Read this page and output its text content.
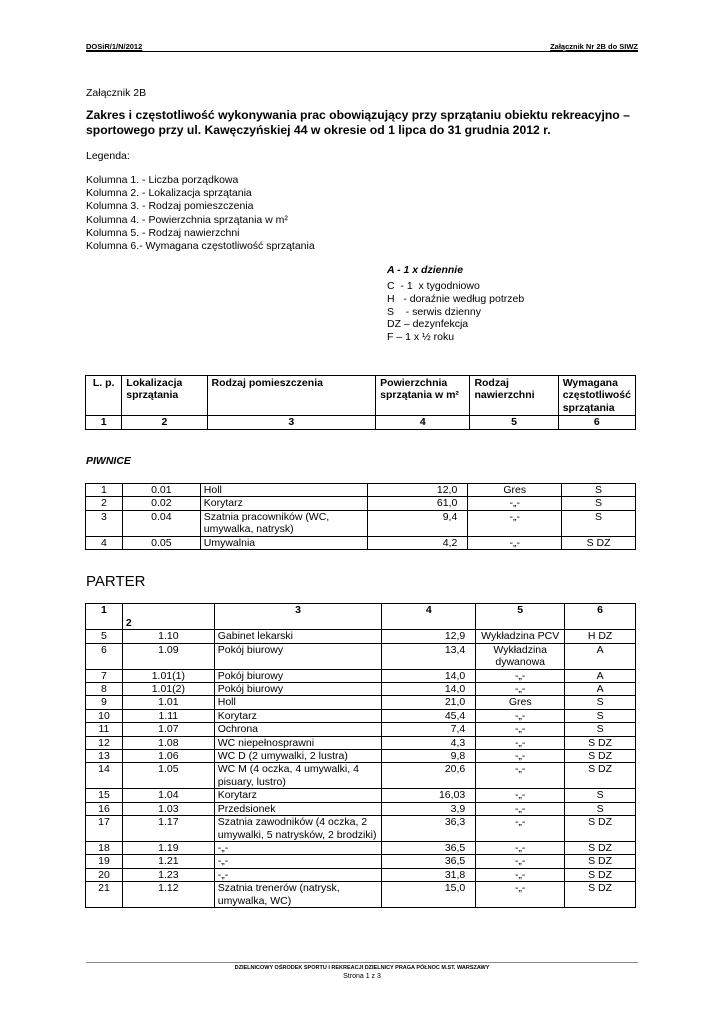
DOSiR/1/N/2012	Załącznik Nr 2B do SIWZ
Załącznik 2B
Zakres i częstotliwość wykonywania prac obowiązujący przy sprzątaniu obiektu rekreacyjno – sportowego przy ul. Kawęczyńskiej 44 w okresie od 1 lipca do 31 grudnia 2012 r.
Legenda:
Kolumna 1. - Liczba porządkowa
Kolumna 2. - Lokalizacja sprzątania
Kolumna 3. - Rodzaj pomieszczenia
Kolumna 4. - Powierzchnia sprzątania w m²
Kolumna 5. - Rodzaj nawierzchni
Kolumna 6.- Wymagana częstotliwość sprzątania
A - 1 x dziennie
C  - 1  x tygodniowo
H   - doraźnie według potrzeb
S    - serwis dzienny
DZ – dezynfekcja
F – 1 x ½ roku
L. p.	Lokalizacja sprzątania	Rodzaj pomieszczenia	Powierzchnia sprzątania w m²	Rodzaj nawierzchni	Wymagana częstotliwość sprzątania
1	2	3	4	5	6
PIWNICE
1	0.01	Holl	12,0	Gres	S
2	0.02	Korytarz	61,0	-„-	S
3	0.04	Szatnia pracowników (WC, umywalka, natrysk)	9,4	-„-	S
4	0.05	Umywalnia	4,2	-„-	S DZ
PARTER
1	2	3	4	5	6
5	1.10	Gabinet lekarski	12,9	Wykładzina PCV	H DZ
6	1.09	Pokój biurowy	13,4	Wykładzina dywanowa	A
7	1.01(1)	Pokój biurowy	14,0	-„-	A
8	1.01(2)	Pokój biurowy	14,0	-„-	A
9	1.01	Holl	21,0	Gres	S
10	1.11	Korytarz	45,4	-„-	S
11	1.07	Ochrona	7,4	-„-	S
12	1.08	WC niepełnosprawni	4,3	-„-	S DZ
13	1.06	WC D (2 umywalki, 2 lustra)	9,8	-„-	S DZ
14	1.05	WC M (4 oczka, 4 umywalki, 4 pisuary, lustro)	20,6	-„-	S DZ
15	1.04	Korytarz	16,03	-„-	S
16	1.03	Przedsionek	3,9	-„-	S
17	1.17	Szatnia zawodników (4 oczka, 2 umywalki, 5 natrysków, 2 brodziki)	36,3	-„-	S DZ
18	1.19	-„-	36,5	-„-	S DZ
19	1.21	-„-	36,5	-„-	S DZ
20	1.23	-„-	31,8	-„-	S DZ
21	1.12	Szatnia trenerów (natrysk, umywalka, WC)	15,0	-„-	S DZ
DZIELNICOWY OŚRODEK SPORTU I REKREACJI DZIELNICY PRAGA PÓŁNOC M.ST. WARSZAWY
Strona 1 z 3
